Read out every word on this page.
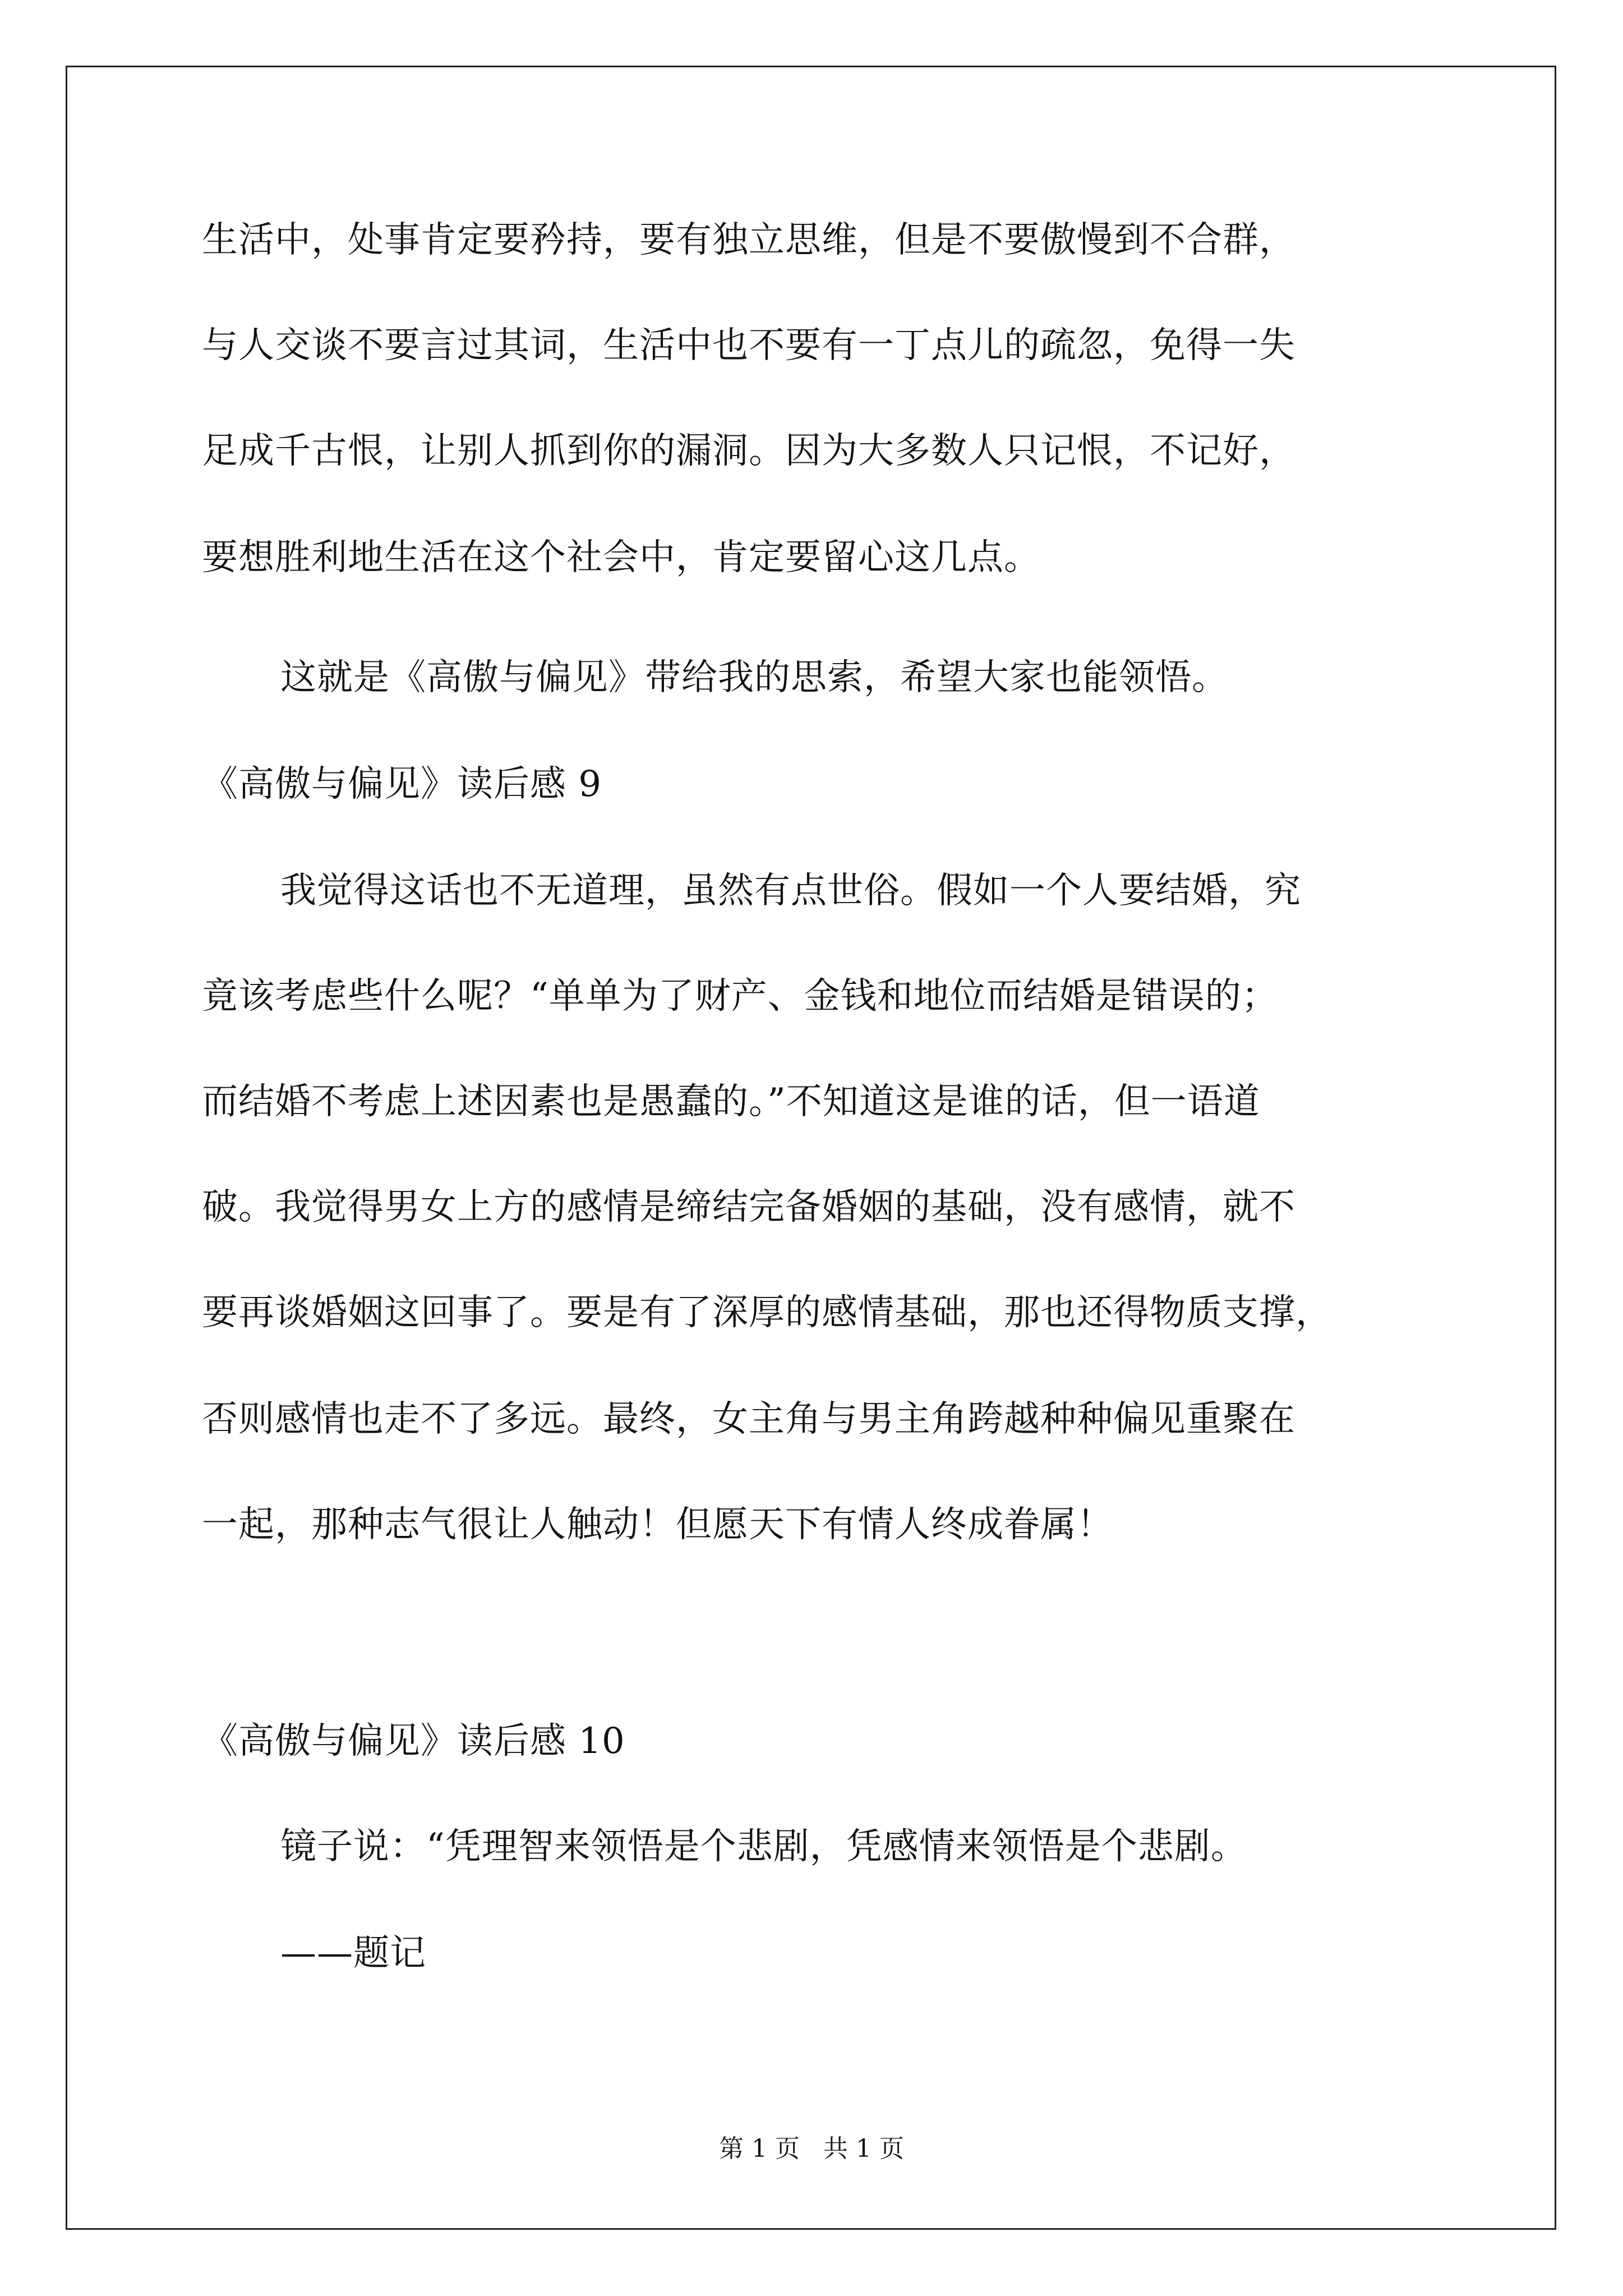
生活中，处事肯定要矜持，要有独立思维，但是不要傲慢到不合群，
与人交谈不要言过其词，生活中也不要有一丁点儿的疏忽，免得一失
足成千古恨，让别人抓到你的漏洞。因为大多数人只记恨，不记好，
要想胜利地生活在这个社会中，肯定要留心这几点。
这就是《高傲与偏见》带给我的思索，希望大家也能领悟。
《高傲与偏见》读后感 9
我觉得这话也不无道理，虽然有点世俗。假如一个人要结婚，究
竟该考虑些什么呢？“单单为了财产、金钱和地位而结婚是错误的；
而结婚不考虑上述因素也是愚蠢的。”不知道这是谁的话，但一语道
破。我觉得男女上方的感情是缔结完备婚姻的基础，没有感情，就不
要再谈婚姻这回事了。要是有了深厚的感情基础，那也还得物质支撑，
否则感情也走不了多远。最终，女主角与男主角跨越种种偏见重聚在
一起，那种志气很让人触动！但愿天下有情人终成眷属！
《高傲与偏见》读后感 10
镜子说：“凭理智来领悟是个悲剧，凭感情来领悟是个悲剧。
——题记
第 1 页   共 1 页
